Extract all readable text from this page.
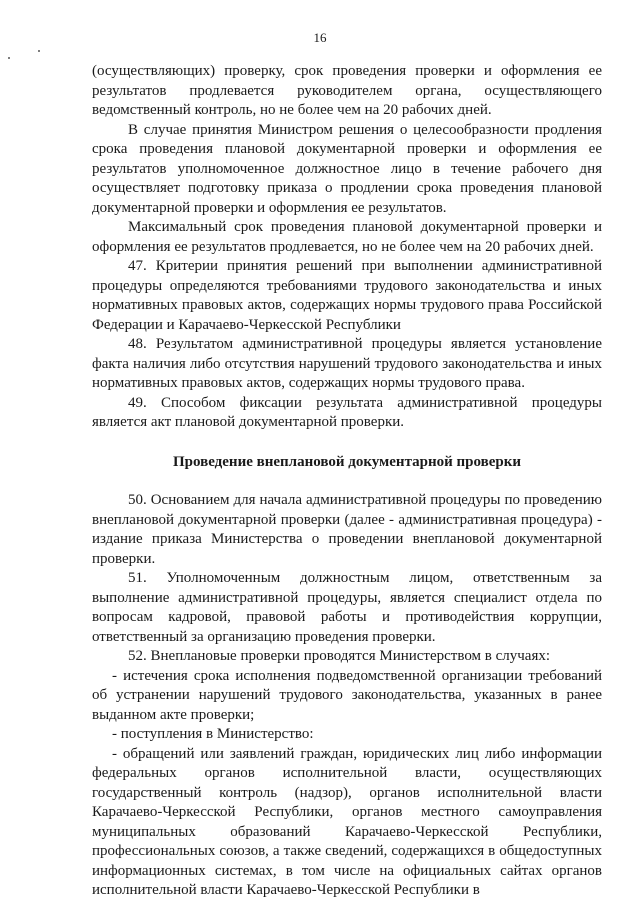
16

(осуществляющих) проверку, срок проведения проверки и оформления ее результатов продлевается руководителем органа, осуществляющего ведомственный контроль, но не более чем на 20 рабочих дней.

В случае принятия Министром решения о целесообразности продления срока проведения плановой документарной проверки и оформления ее результатов уполномоченное должностное лицо в течение рабочего дня осуществляет подготовку приказа о продлении срока проведения плановой документарной проверки и оформления ее результатов.

Максимальный срок проведения плановой документарной проверки и оформления ее результатов продлевается, но не более чем на 20 рабочих дней.

47. Критерии принятия решений при выполнении административной процедуры определяются требованиями трудового законодательства и иных нормативных правовых актов, содержащих нормы трудового права Российской Федерации и Карачаево-Черкесской Республики

48. Результатом административной процедуры является установление факта наличия либо отсутствия нарушений трудового законодательства и иных нормативных правовых актов, содержащих нормы трудового права.

49. Способом фиксации результата административной процедуры является акт плановой документарной проверки.

Проведение внеплановой документарной проверки

50. Основанием для начала административной процедуры по проведению внеплановой документарной проверки (далее - административная процедура) - издание приказа Министерства о проведении внеплановой документарной проверки.

51. Уполномоченным должностным лицом, ответственным за выполнение административной процедуры, является специалист отдела по вопросам кадровой, правовой работы и противодействия коррупции, ответственный за организацию проведения проверки.

52. Внеплановые проверки проводятся Министерством в случаях:

- истечения срока исполнения подведомственной организации требований об устранении нарушений трудового законодательства, указанных в ранее выданном акте проверки;

- поступления в Министерство:

- обращений или заявлений граждан, юридических лиц либо информации федеральных органов исполнительной власти, осуществляющих государственный контроль (надзор), органов исполнительной власти Карачаево-Черкесской Республики, органов местного самоуправления муниципальных образований Карачаево-Черкесской Республики, профессиональных союзов, а также сведений, содержащихся в общедоступных информационных системах, в том числе на официальных сайтах органов исполнительной власти Карачаево-Черкесской Республики в
